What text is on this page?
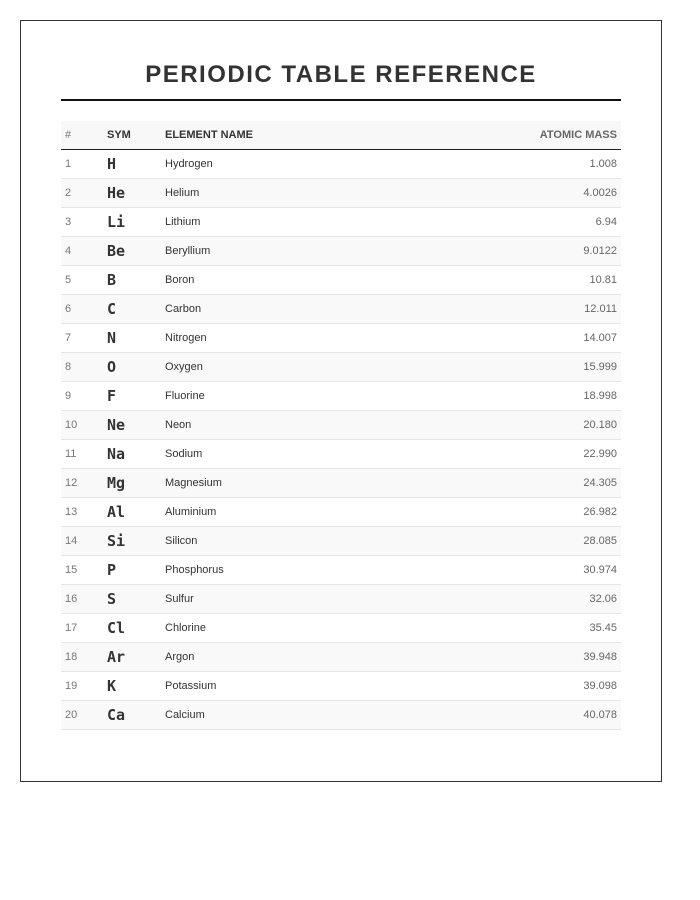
PERIODIC TABLE REFERENCE
#	SYM	ELEMENT NAME	ATOMIC MASS
1	H	Hydrogen	1.008
2	He	Helium	4.0026
3	Li	Lithium	6.94
4	Be	Beryllium	9.0122
5	B	Boron	10.81
6	C	Carbon	12.011
7	N	Nitrogen	14.007
8	O	Oxygen	15.999
9	F	Fluorine	18.998
10	Ne	Neon	20.180
11	Na	Sodium	22.990
12	Mg	Magnesium	24.305
13	Al	Aluminium	26.982
14	Si	Silicon	28.085
15	P	Phosphorus	30.974
16	S	Sulfur	32.06
17	Cl	Chlorine	35.45
18	Ar	Argon	39.948
19	K	Potassium	39.098
20	Ca	Calcium	40.078
